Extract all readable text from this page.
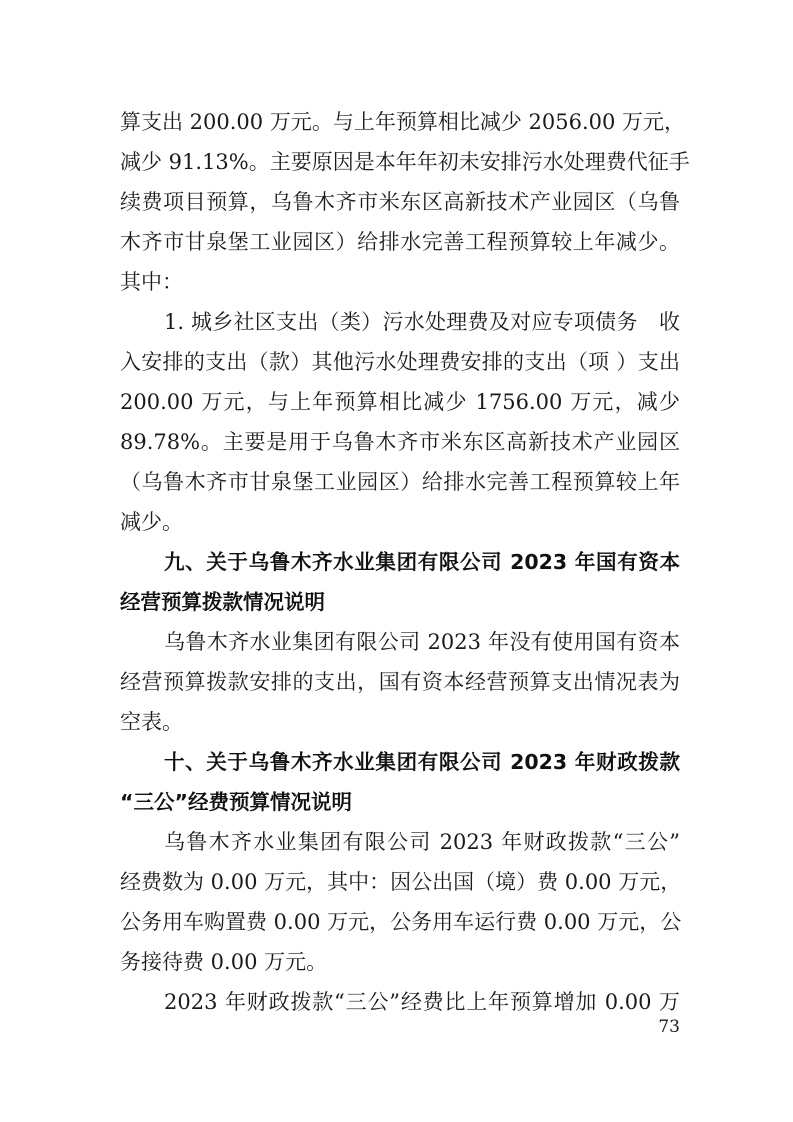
算支出 200.00 万元。与上年预算相比减少 2056.00 万元，
减少 91.13%。主要原因是本年年初未安排污水处理费代征手
续费项目预算，乌鲁木齐市米东区高新技术产业园区（乌鲁
木齐市甘泉堡工业园区）给排水完善工程预算较上年减少。
其中：
1. 城乡社区支出（类）污水处理费及对应专项债务　收
入安排的支出（款）其他污水处理费安排的支出（项 ）支出
200.00 万元，与上年预算相比减少 1756.00 万元，减少
89.78%。主要是用于乌鲁木齐市米东区高新技术产业园区
（乌鲁木齐市甘泉堡工业园区）给排水完善工程预算较上年
减少。
九、关于乌鲁木齐水业集团有限公司 2023 年国有资本
经营预算拨款情况说明
乌鲁木齐水业集团有限公司 2023 年没有使用国有资本
经营预算拨款安排的支出，国有资本经营预算支出情况表为
空表。
十、关于乌鲁木齐水业集团有限公司 2023 年财政拨款
“三公”经费预算情况说明
乌鲁木齐水业集团有限公司 2023 年财政拨款“三公”
经费数为 0.00 万元，其中：因公出国（境）费 0.00 万元，
公务用车购置费 0.00 万元，公务用车运行费 0.00 万元，公
务接待费 0.00 万元。
2023 年财政拨款“三公”经费比上年预算增加 0.00 万
73
